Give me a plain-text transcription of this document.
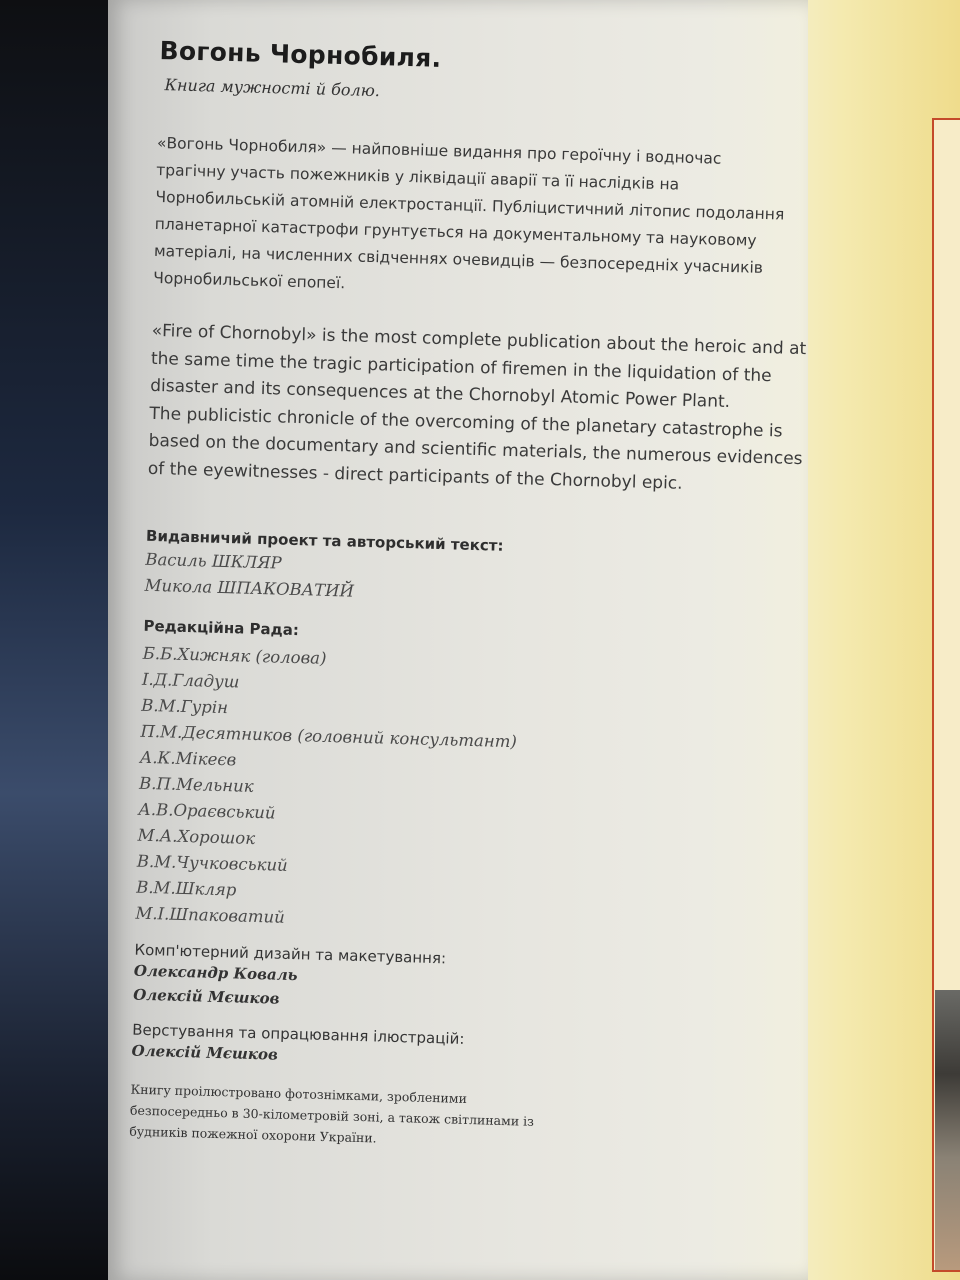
Вогонь Чорнобиля.
Книга мужності й болю.
«Вогонь Чорнобиля» — найповніше видання про героїчну і водночас трагічну участь пожежників у ліквідації аварії та її наслідків на Чорнобильській атомній електростанції. Публіцистичний літопис подолання планетарної катастрофи грунтується на документальному та науковому матеріалі, на численних свідченнях очевидців — безпосередніх учасників Чорнобильської епопеї.

«Fire of Chornobyl» is the most complete publication about the heroic and at the same time the tragic participation of firemen in the liquidation of the disaster and its consequences at the Chornobyl Atomic Power Plant.

The publicistic chronicle of the overcoming of the planetary catastrophe is based on the documentary and scientific materials, the numerous evidences of the eyewitnesses - direct participants of the Chornobyl epic.

Видавничий проект та авторський текст:

Василь ШКЛЯР

Микола ШПАКОВАТИЙ

Редакційна Рада:

Б.Б.Хижняк (голова)

І.Д.Гладуш

В.М.Гурін

П.М.Десятников (головний консультант)

А.К.Мікеєв

В.П.Мельник

А.В.Ораєвський

М.А.Хорошок

В.М.Чучковський

В.М.Шкляр

М.І.Шпаковатий

Комп'ютерний дизайн та макетування:

Олександр Коваль

Олексій Мєшков

Верстування та опрацювання ілюстрацій:

Олексій Мєшков

Книгу проілюстровано фотознімками, зробленими безпосередньо в 30-кілометровій зоні, а також світлинами із будників пожежної охорони України.
